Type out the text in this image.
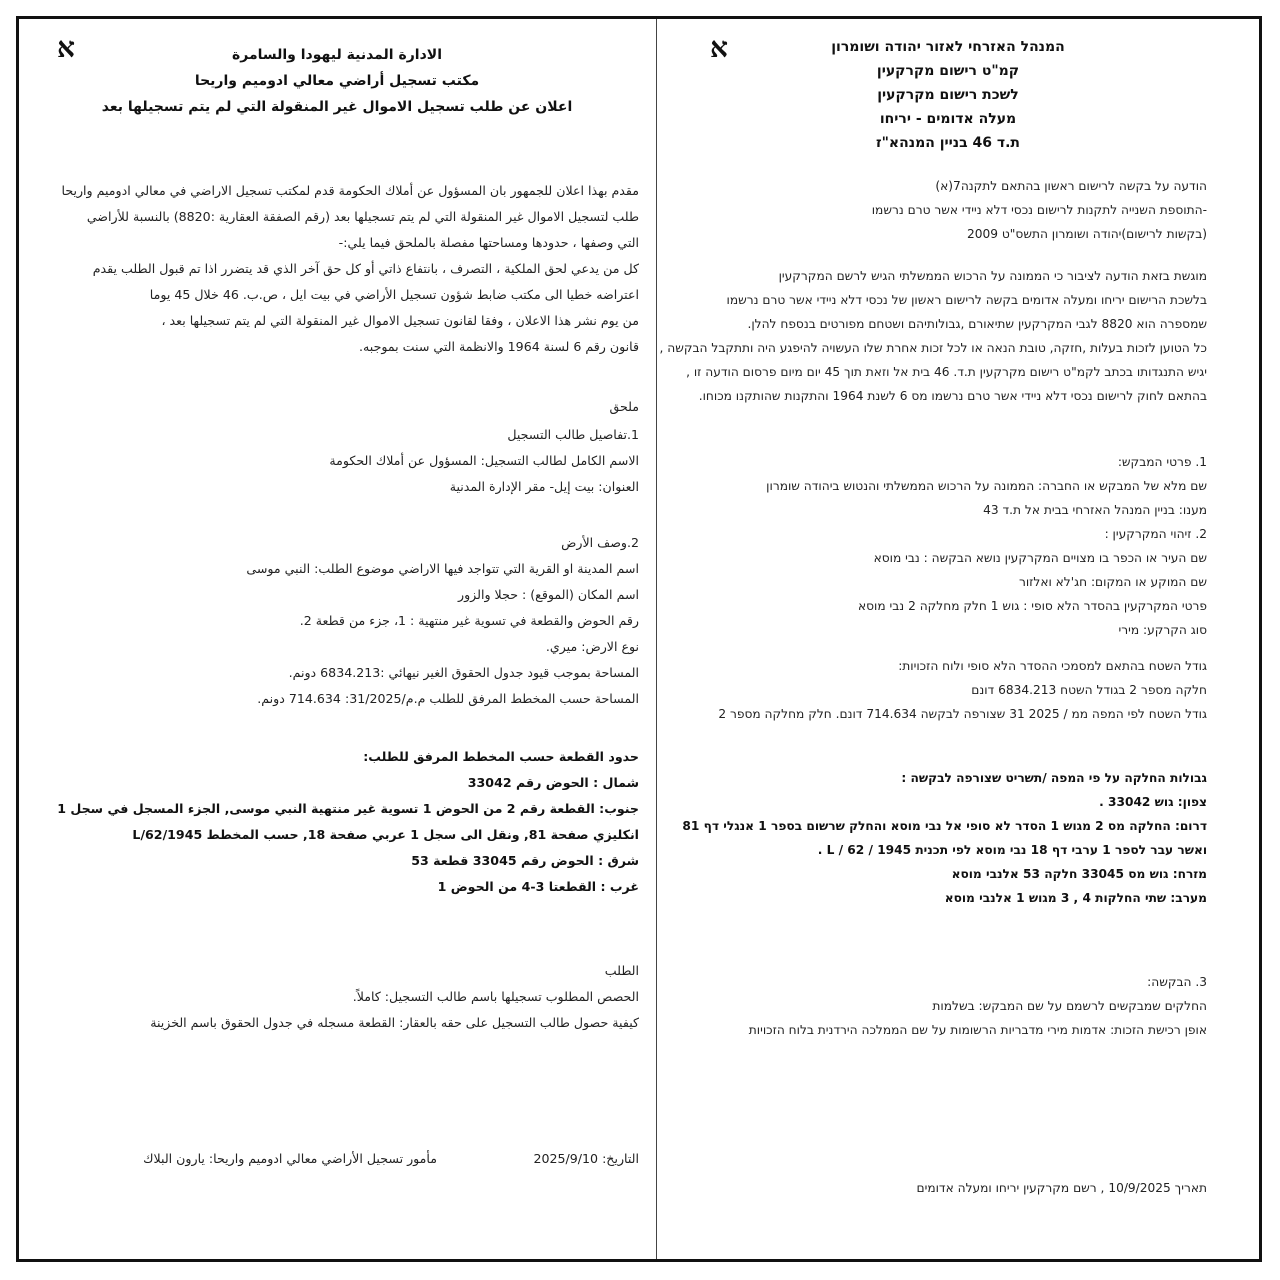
א	الادارة المدنية ليهودا والسامرة
مكتب تسجيل أراضي معالي ادوميم واريحا
اعلان عن طلب تسجيل الاموال غير المنقولة التي لم يتم تسجيلها بعد
مقدم بهذا اعلان للجمهور بان المسؤول عن أملاك الحكومة قدم لمكتب تسجيل الاراضي في معالي ادوميم واريحا
طلب لتسجيل الاموال غير المنقولة التي لم يتم تسجيلها بعد (رقم الصفقة العقارية :8820) بالنسبة للأراضي
التي وصفها ، حدودها ومساحتها مفصلة بالملحق فيما يلي:-
كل من يدعي لحق الملكية ، التصرف ، بانتفاع ذاتي أو كل حق آخر الذي قد يتضرر اذا تم قبول الطلب يقدم
اعتراضه خطيا الى مكتب ضابط شؤون تسجيل الأراضي في بيت ايل ، ص.ب. 46 خلال 45 يوما
من يوم نشر هذا الاعلان ، وفقا لقانون تسجيل الاموال غير المنقولة التي لم يتم تسجيلها بعد ،
قانون رقم 6 لسنة 1964 والانظمة التي سنت بموجبه.
ملحق
1.تفاصيل طالب التسجيل
الاسم الكامل لطالب التسجيل: المسؤول عن أملاك الحكومة
العنوان: بيت إيل- مقر الإدارة المدنية
2.وصف الأرض
اسم المدينة او القرية التي تتواجد فيها الاراضي موضوع الطلب: النبي موسى
اسم المكان (الموقع) : حجلا والزور
رقم الحوض والقطعة في تسوية غير منتهية : 1، جزء من قطعة 2.
نوع الارض: ميري.
المساحة بموجب قيود جدول الحقوق الغير نيهائي :6834.213 دونم.
المساحة حسب المخطط المرفق للطلب م.م/31/2025: 714.634 دونم.
حدود القطعة حسب المخطط المرفق للطلب:
شمال : الحوض رقم 33042
جنوب: القطعة رقم 2 من الحوض 1 تسوية غير منتهية النبي موسى, الجزء المسجل في سجل 1
انكليزي صفحة 81, ونقل الى سجل 1 عربي صفحة 18, حسب المخطط L/62/1945
شرق : الحوض رقم 33045 قطعة 53
غرب : القطعتا 3-4 من الحوض 1
الطلب
الحصص المطلوب تسجيلها باسم طالب التسجيل: كاملاً.
كيفية حصول طالب التسجيل على حقه بالعقار: القطعة مسجله في جدول الحقوق باسم الخزينة
التاريخ: 2025/9/10
مأمور تسجيل الأراضي معالي ادوميم واريحا: يارون البلاك
א	המנהל האזרחי לאזור יהודה ושומרון
קמ"ט רישום מקרקעין
לשכת רישום מקרקעין
מעלה אדומים - יריחו
ת.ד 46 בניין המנהא"ז
הודעה על בקשה לרישום ראשון בהתאם לתקנה7(א)
-התוספת השנייה לתקנות לרישום נכסי דלא ניידי אשר טרם נרשמו
(בקשות לרישום)יהודה ושומרון התשס"ט 2009
מוגשת בזאת הודעה לציבור כי הממונה על הרכוש הממשלתי הגיש לרשם המקרקעין
בלשכת הרישום יריחו ומעלה אדומים בקשה לרישום ראשון של נכסי דלא ניידי אשר טרם נרשמו
שמספרה הוא 8820 לגבי המקרקעין שתיאורם ,גבולותיהם ושטחם מפורטים בנספח להלן.
כל הטוען לזכות בעלות ,חזקה, טובת הנאה או לכל זכות אחרת שלו העשויה להיפגע היה ותתקבל הבקשה ,
יגיש התנגדותו בכתב לקמ"ט רישום מקרקעין ת.ד. 46 בית אל וזאת תוך 45 יום מיום פרסום הודעה זו ,
בהתאם לחוק לרישום נכסי דלא ניידי אשר טרם נרשמו מס 6 לשנת 1964 והתקנות שהותקנו מכוחו.
1. פרטי המבקש:
שם מלא של המבקש או החברה: הממונה על הרכוש הממשלתי והנטוש ביהודה שומרון
מענו: בניין המנהל האזרחי בבית אל ת.ד 43
2. זיהוי המקרקעין :
שם העיר או הכפר בו מצויים המקרקעין נושא הבקשה : נבי מוסא
שם המוקע או המקום: חג'לא ואלזור
פרטי המקרקעין בהסדר הלא סופי : גוש 1 חלק מחלקה 2 נבי מוסא
סוג הקרקע: מירי
גודל השטח בהתאם למסמכי ההסדר הלא סופי ולוח הזכויות:
חלקה מספר 2 בגודל השטח 6834.213 דונם
גודל השטח לפי המפה ממ / 2025 31 שצורפה לבקשה 714.634 דונם. חלק מחלקה מספר 2
גבולות החלקה על פי המפה /תשריט שצורפה לבקשה :
צפון: גוש 33042 .
דרום: החלקה מס 2 מגוש 1 הסדר לא סופי אל נבי מוסא והחלק שרשום בספר 1 אנגלי דף 81
ואשר עבר לספר 1 ערבי דף 18 נבי מוסא לפי תכנית 1945 / 62 / L .
מזרח: גוש מס 33045 חלקה 53 אלנבי מוסא
מערב: שתי החלקות 4 , 3 מגוש 1 אלנבי מוסא
3. הבקשה:
החלקים שמבקשים לרשמם על שם המבקש: בשלמות
אופן רכישת הזכות: אדמות מירי מדבריות הרשומות על שם הממלכה הירדנית בלוח הזכויות
תאריך 10/9/2025 , רשם מקרקעין יריחו ומעלה אדומים
